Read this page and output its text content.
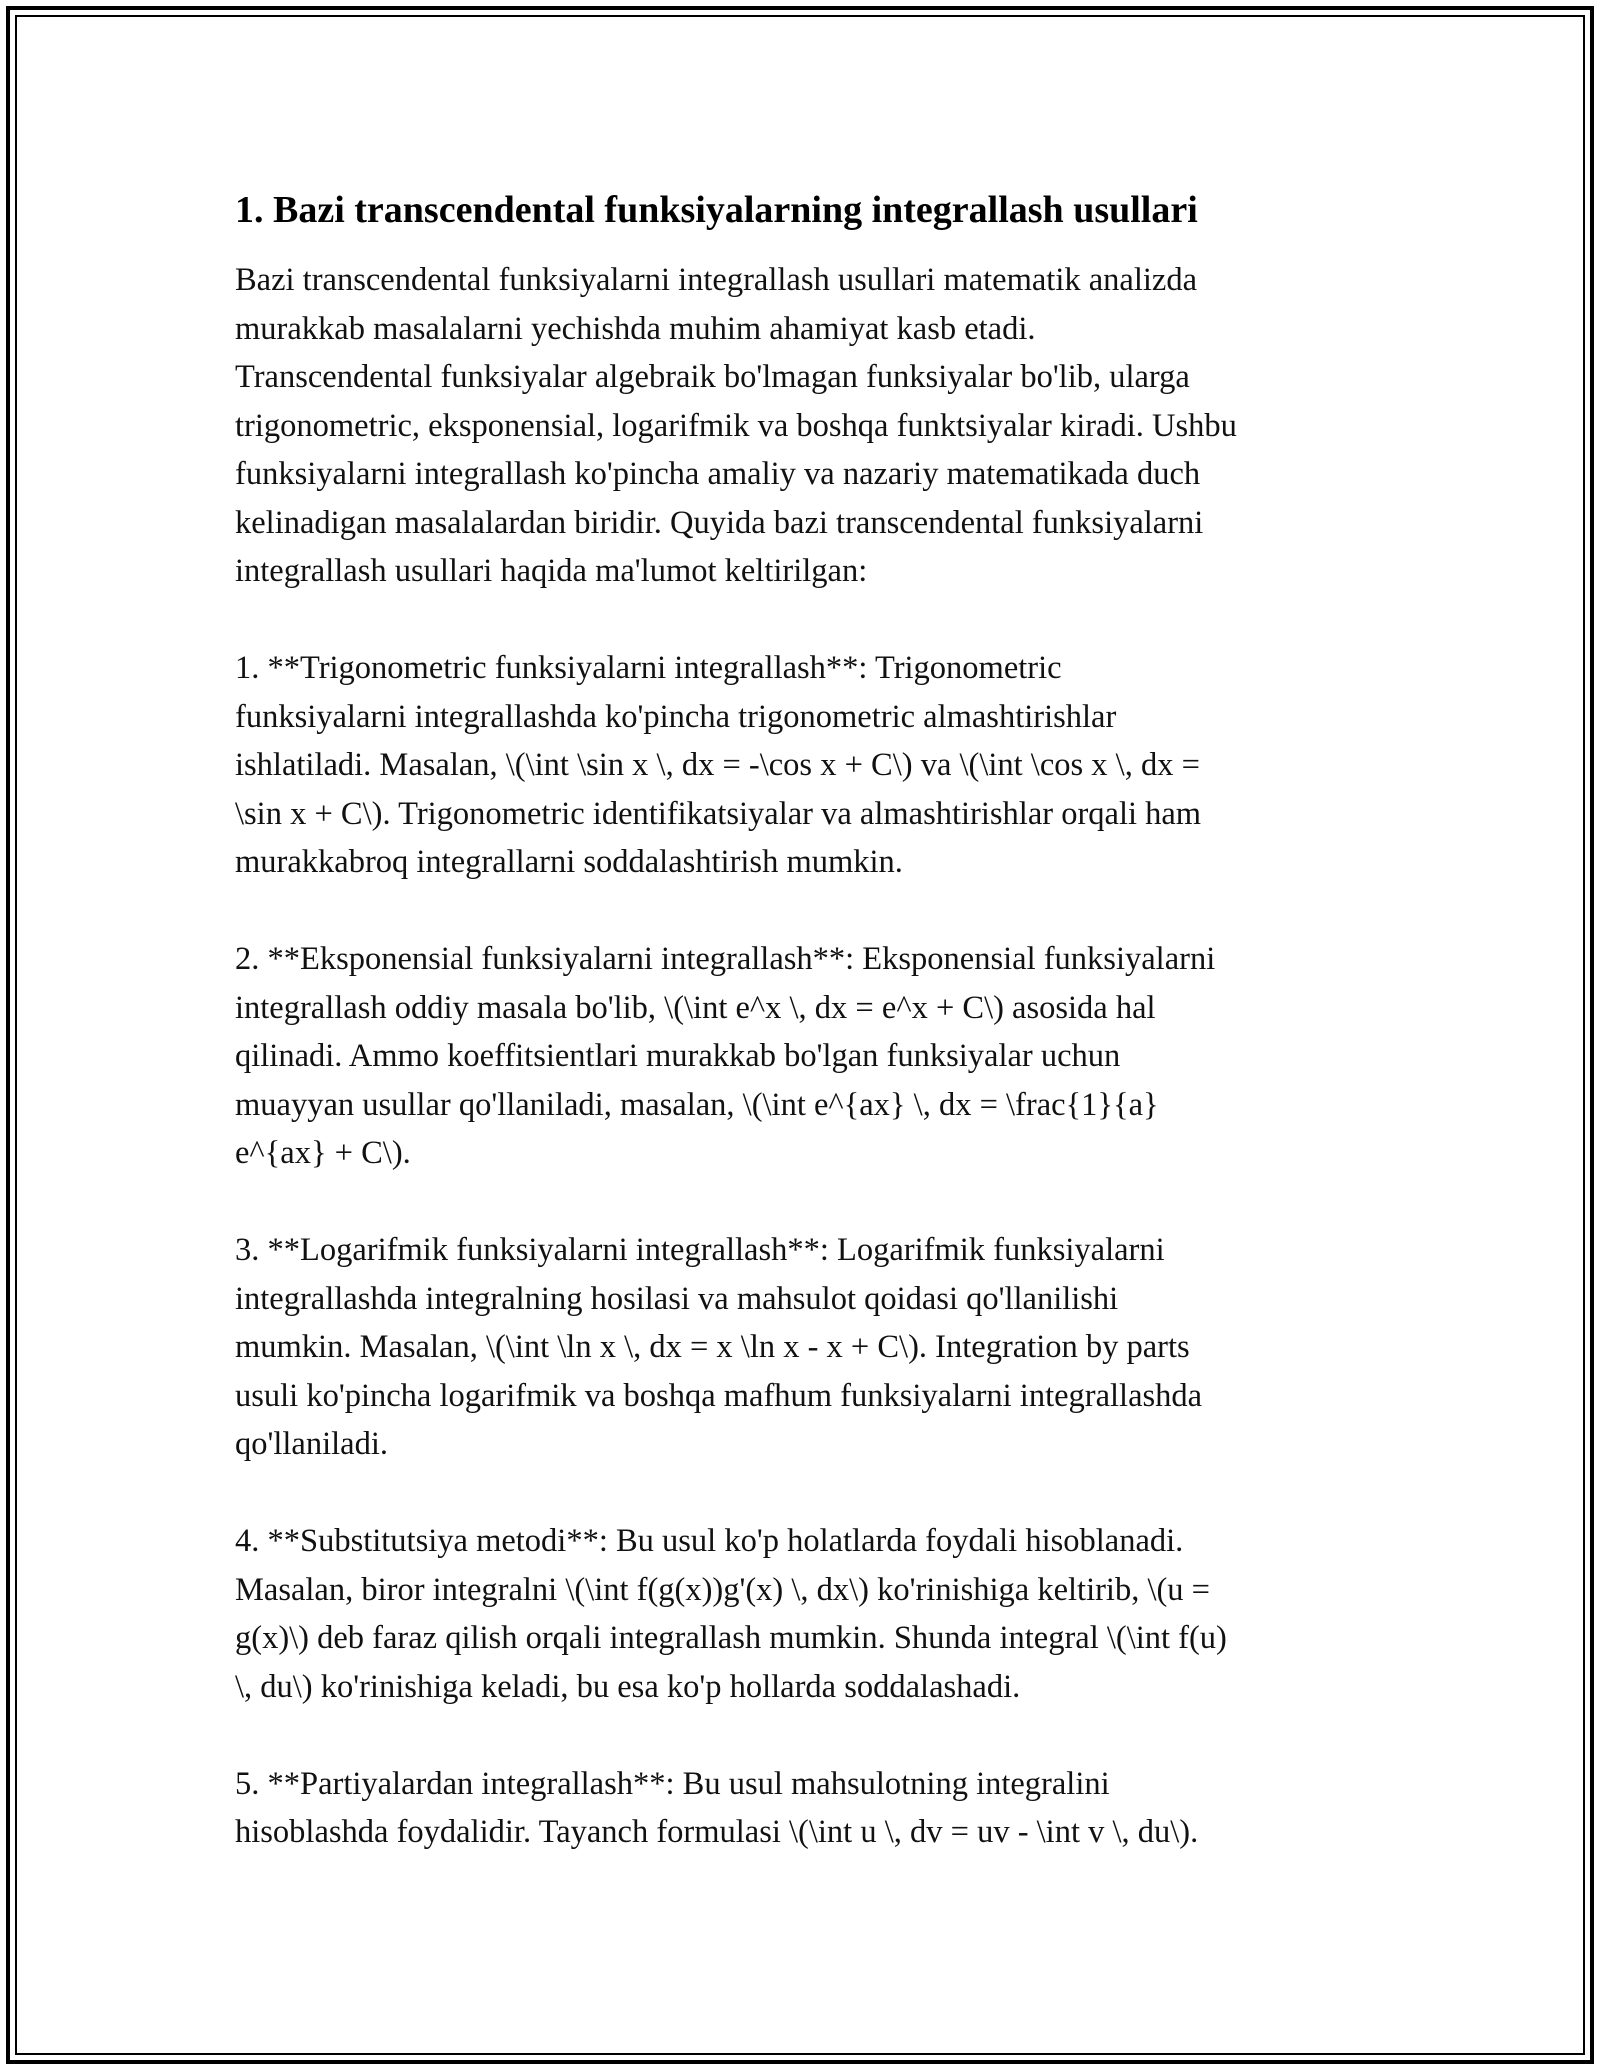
1. Bazi transcendental funksiyalarning integrallash usullari
Bazi transcendental funksiyalarni integrallash usullari matematik analizda
murakkab masalalarni yechishda muhim ahamiyat kasb etadi.
Transcendental funksiyalar algebraik bo'lmagan funksiyalar bo'lib, ularga
trigonometric, eksponensial, logarifmik va boshqa funktsiyalar kiradi. Ushbu
funksiyalarni integrallash ko'pincha amaliy va nazariy matematikada duch
kelinadigan masalalardan biridir. Quyida bazi transcendental funksiyalarni
integrallash usullari haqida ma'lumot keltirilgan:
1. **Trigonometric funksiyalarni integrallash**: Trigonometric
funksiyalarni integrallashda ko'pincha trigonometric almashtirishlar
ishlatiladi. Masalan, \(\int \sin x \, dx = -\cos x + C\) va \(\int \cos x \, dx =
\sin x + C\). Trigonometric identifikatsiyalar va almashtirishlar orqali ham
murakkabroq integrallarni soddalashtirish mumkin.
2. **Eksponensial funksiyalarni integrallash**: Eksponensial funksiyalarni
integrallash oddiy masala bo'lib, \(\int e^x \, dx = e^x + C\) asosida hal
qilinadi. Ammo koeffitsientlari murakkab bo'lgan funksiyalar uchun
muayyan usullar qo'llaniladi, masalan, \(\int e^{ax} \, dx = \frac{1}{a}
e^{ax} + C\).
3. **Logarifmik funksiyalarni integrallash**: Logarifmik funksiyalarni
integrallashda integralning hosilasi va mahsulot qoidasi qo'llanilishi
mumkin. Masalan, \(\int \ln x \, dx = x \ln x - x + C\). Integration by parts
usuli ko'pincha logarifmik va boshqa mafhum funksiyalarni integrallashda
qo'llaniladi.
4. **Substitutsiya metodi**: Bu usul ko'p holatlarda foydali hisoblanadi.
Masalan, biror integralni \(\int f(g(x))g'(x) \, dx\) ko'rinishiga keltirib, \(u =
g(x)\) deb faraz qilish orqali integrallash mumkin. Shunda integral \(\int f(u)
\, du\) ko'rinishiga keladi, bu esa ko'p hollarda soddalashadi.
5. **Partiyalardan integrallash**: Bu usul mahsulotning integralini
hisoblashda foydalidir. Tayanch formulasi \(\int u \, dv = uv - \int v \, du\).
